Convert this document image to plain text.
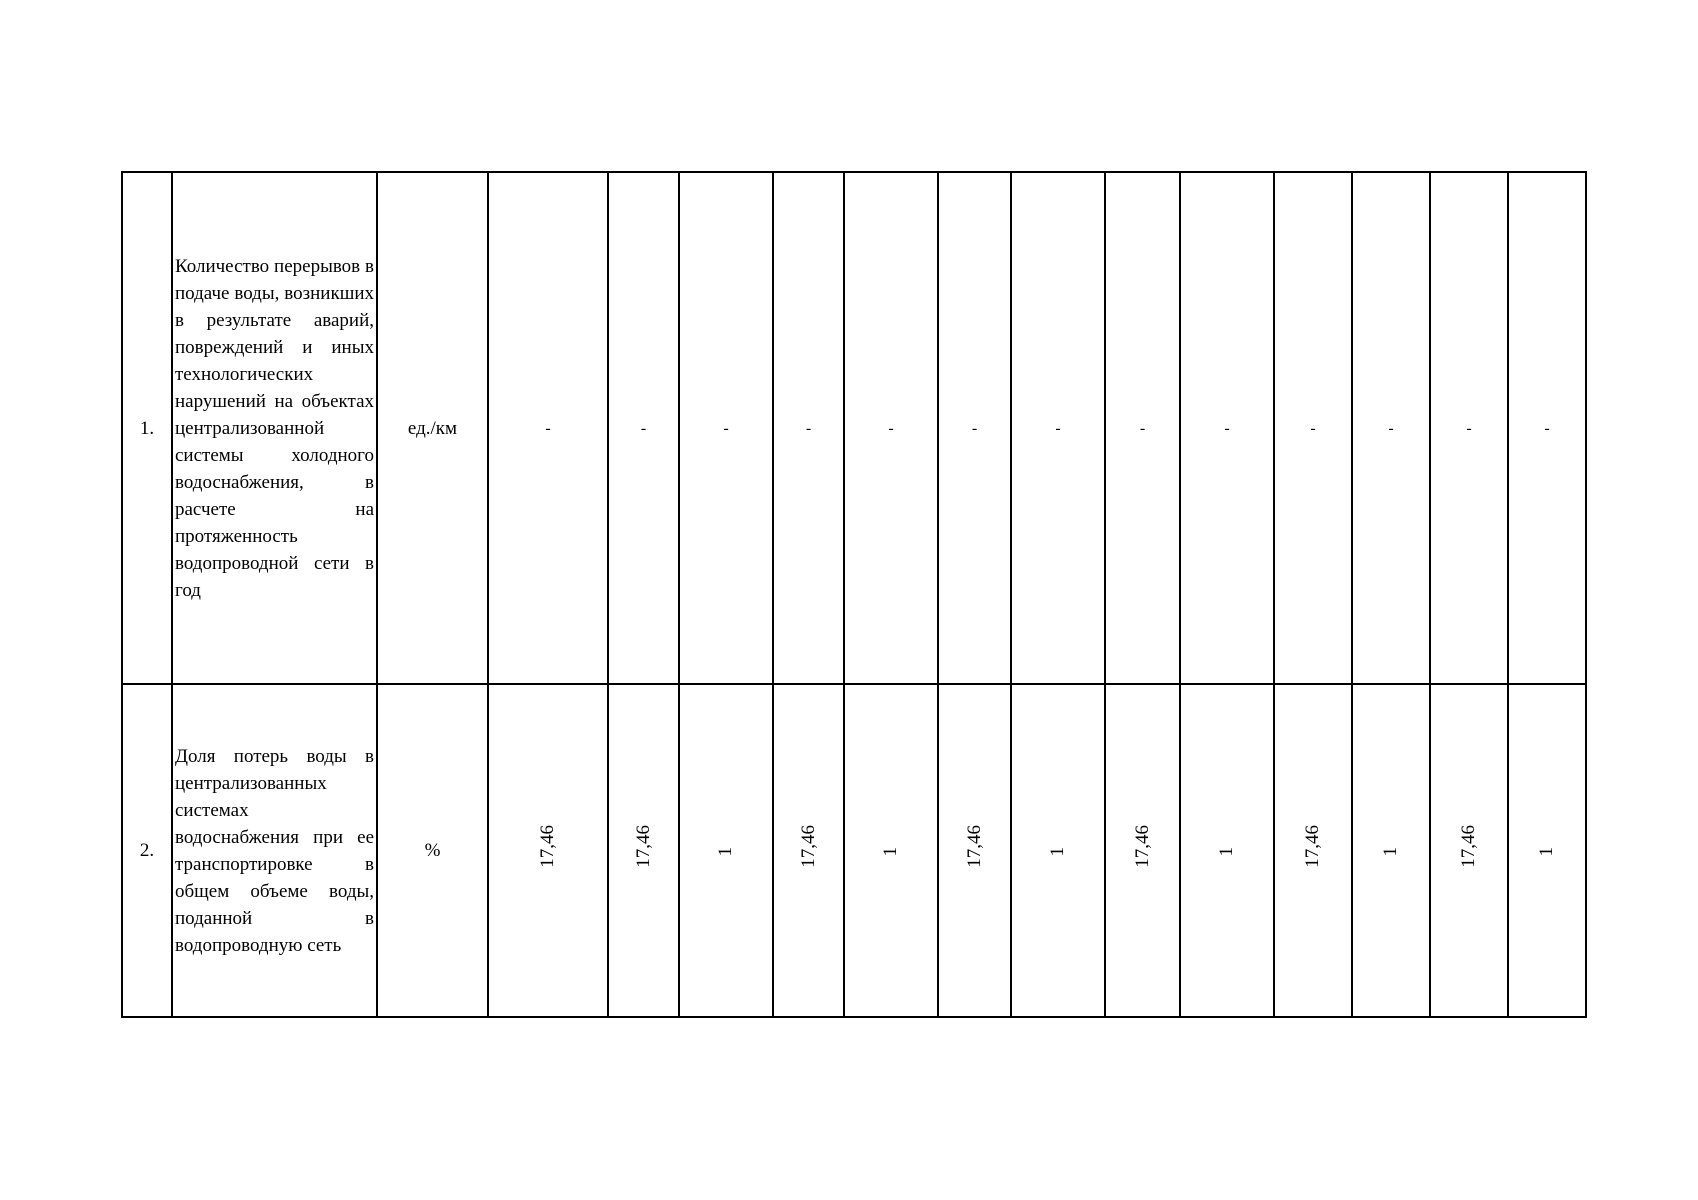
1.	Количество перерывов в подаче воды, возникших в результате аварий, повреждений и иных технологических нарушений на объектах централизованной системы холодного водоснабжения, в расчете на протяженность водопроводной сети в год	ед./км	-	-	-	-	-	-	-	-	-	-	-	-	-
2.	Доля потерь воды в централизованных системах водоснабжения при ее транспортировке в общем объеме воды, поданной в водопроводную сеть	%	17,46	17,46	1	17,46	1	17,46	1	17,46	1	17,46	1	17,46	1
